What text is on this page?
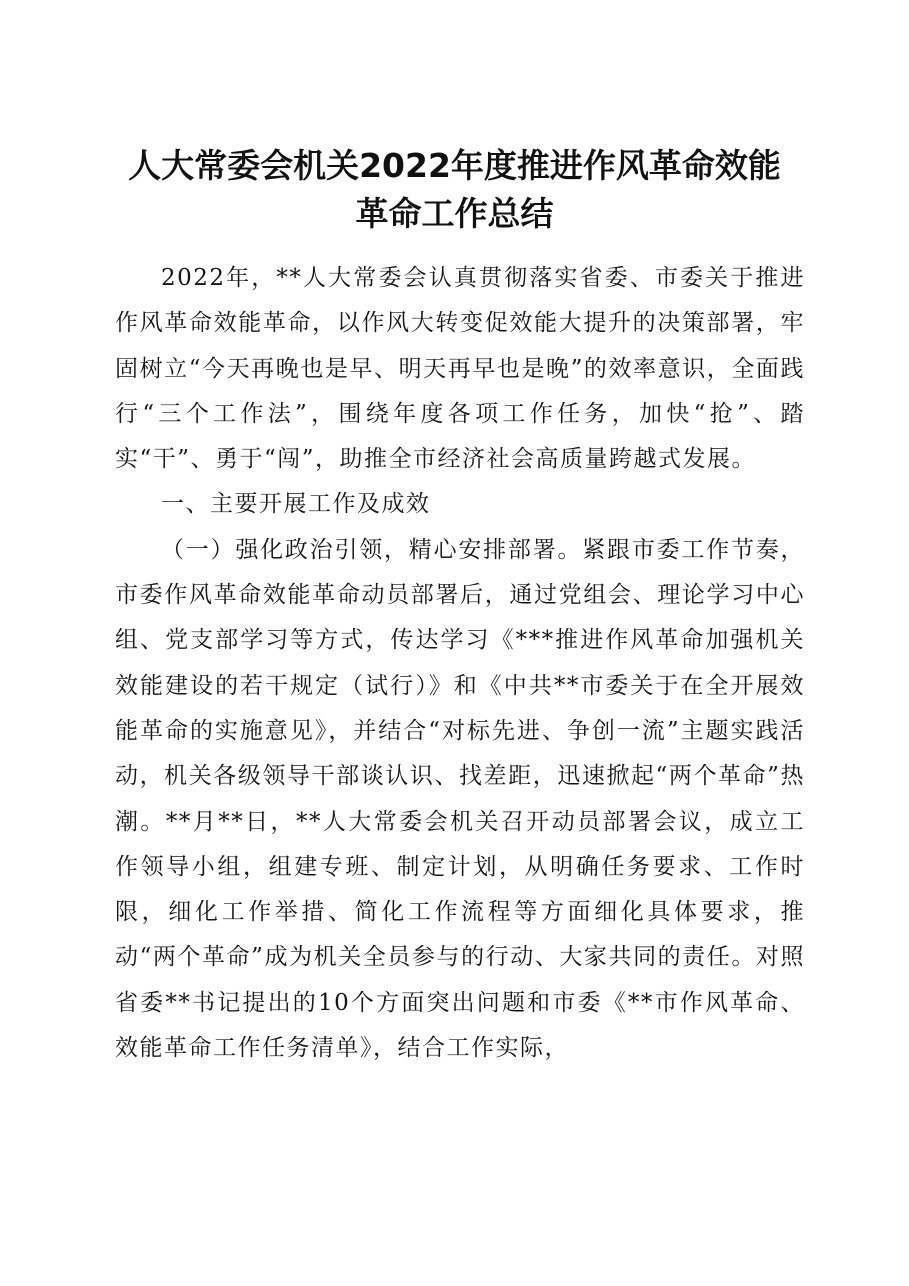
人大常委会机关2022年度推进作风革命效能
革命工作总结

2022年，**人大常委会认真贯彻落实省委、市委关于推进作风革命效能革命，以作风大转变促效能大提升的决策部署，牢固树立“今天再晚也是早、明天再早也是晚”的效率意识，全面践行“三个工作法”，围绕年度各项工作任务，加快“抢”、踏实“干”、勇于“闯”，助推全市经济社会高质量跨越式发展。

一、主要开展工作及成效

（一）强化政治引领，精心安排部署。紧跟市委工作节奏，市委作风革命效能革命动员部署后，通过党组会、理论学习中心组、党支部学习等方式，传达学习《***推进作风革命加强机关效能建设的若干规定（试行）》和《中共**市委关于在全开展效能革命的实施意见》，并结合“对标先进、争创一流”主题实践活动，机关各级领导干部谈认识、找差距，迅速掀起“两个革命”热潮。**月**日，**人大常委会机关召开动员部署会议，成立工作领导小组，组建专班、制定计划，从明确任务要求、工作时限，细化工作举措、简化工作流程等方面细化具体要求，推动“两个革命”成为机关全员参与的行动、大家共同的责任。对照省委**书记提出的10个方面突出问题和市委《**市作风革命、效能革命工作任务清单》，结合工作实际，
